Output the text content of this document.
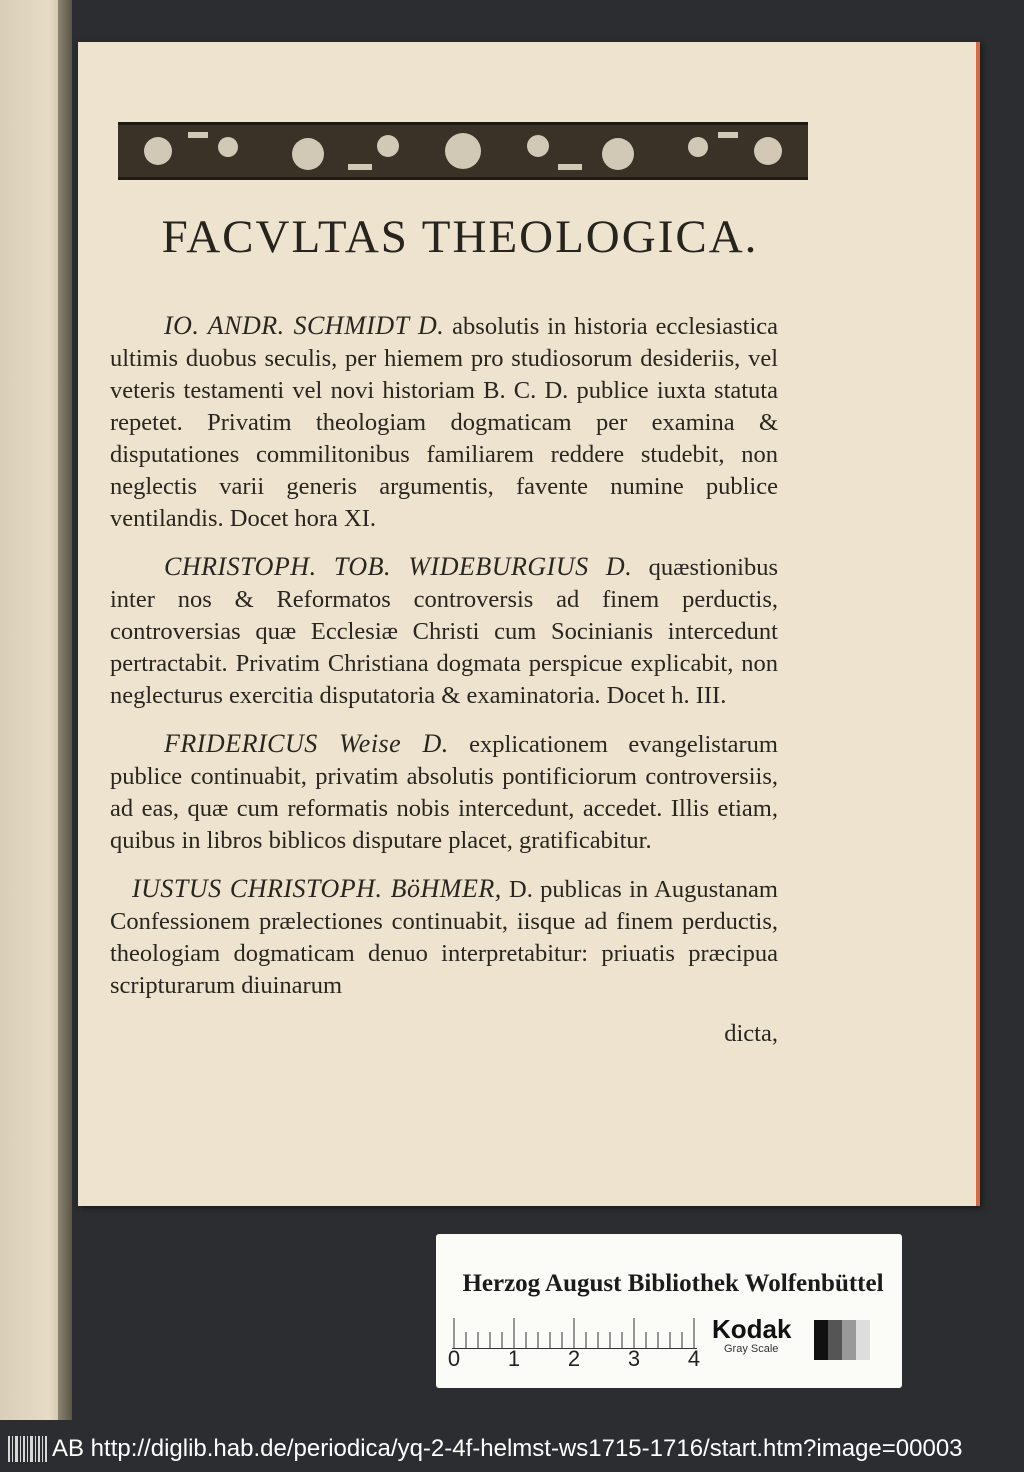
FACVLTAS THEOLOGICA.

IO. ANDR. SCHMIDT D. absolutis in historia ecclesiastica ultimis duobus seculis, per hiemem pro studiosorum desideriis, vel veteris testamenti vel novi historiam B. C. D. publice iuxta statuta repetet. Privatim theologiam dogmaticam per examina & disputationes commilitonibus familiarem reddere studebit, non neglectis varii generis argumentis, favente numine publice ventilandis. Docet hora XI.

CHRISTOPH. TOB. WIDEBURGIUS D. quæstionibus inter nos & Reformatos controversis ad finem perductis, controversias quæ Ecclesiæ Christi cum Socinianis intercedunt pertractabit. Privatim Christiana dogmata perspicue explicabit, non neglecturus exercitia disputatoria & examinatoria. Docet h. III.

FRIDERICUS Weise D. explicationem evangelistarum publice continuabit, privatim absolutis pontificiorum controversiis, ad eas, quæ cum reformatis nobis intercedunt, accedet. Illis etiam, quibus in libros biblicos disputare placet, gratificabitur.

IUSTUS CHRISTOPH. BöHMER, D. publicas in Augustanam Confessionem prælectiones continuabit, iisque ad finem perductis, theologiam dogmaticam denuo interpretabitur: priuatis præcipua scripturarum diuinarum

dicta,
Herzog August Bibliothek Wolfenbüttel
0 1 2 3 4
Kodak
Gray Scale
AB http://diglib.hab.de/periodica/yq-2-4f-helmst-ws1715-1716/start.htm?image=00003
